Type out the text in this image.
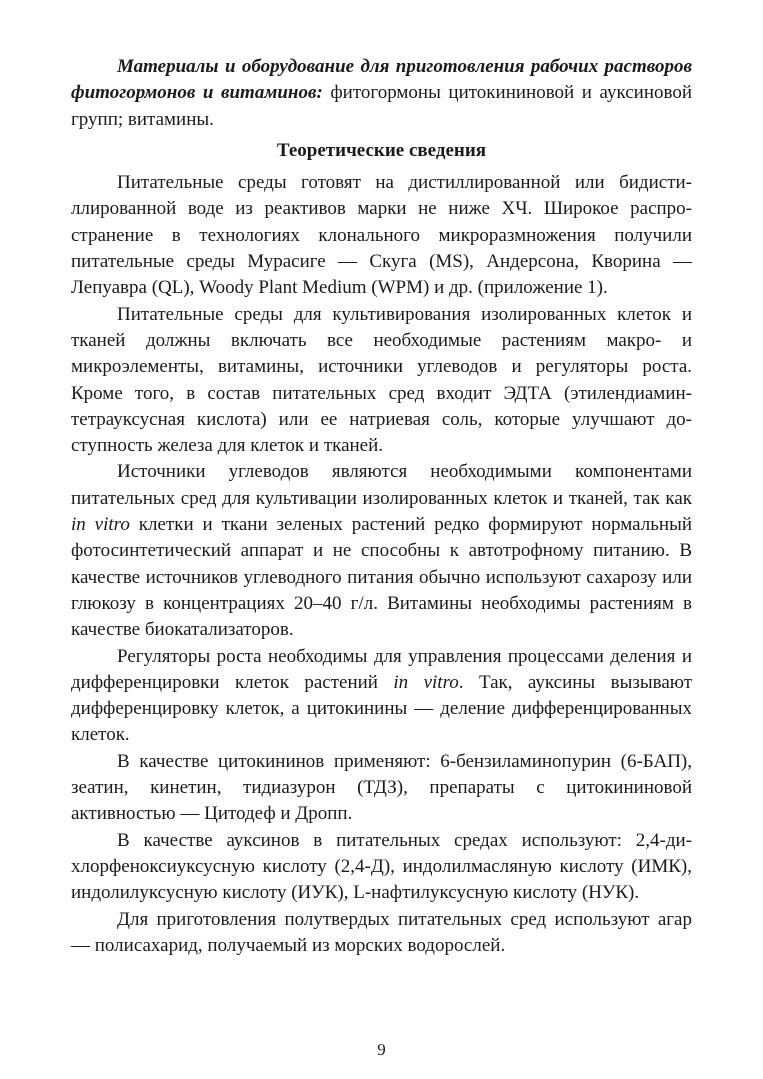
Материалы и оборудование для приготовления рабочих растворов фитогормонов и витаминов: фитогормоны цитокининовой и ауксиновой групп; витамины.

Теоретические сведения

Питательные среды готовят на дистиллированной или бидистиллированной воде из реактивов марки не ниже ХЧ. Широкое распространение в технологиях клонального микроразмножения получили питательные среды Мурасиге — Скуга (MS), Андерсона, Кворина — Лепуавра (QL), Woody Plant Medium (WPM) и др. (приложение 1).

Питательные среды для культивирования изолированных клеток и тканей должны включать все необходимые растениям макро- и микроэлементы, витамины, источники углеводов и регуляторы роста. Кроме того, в состав питательных сред входит ЭДТА (этилендиаминтетрауксусная кислота) или ее натриевая соль, которые улучшают доступность железа для клеток и тканей.

Источники углеводов являются необходимыми компонентами питательных сред для культивации изолированных клеток и тканей, так как in vitro клетки и ткани зеленых растений редко формируют нормальный фотосинтетический аппарат и не способны к автотрофному питанию. В качестве источников углеводного питания обычно используют сахарозу или глюкозу в концентрациях 20–40 г/л. Витамины необходимы растениям в качестве биокатализаторов.

Регуляторы роста необходимы для управления процессами деления и дифференцировки клеток растений in vitro. Так, ауксины вызывают дифференцировку клеток, а цитокинины — деление дифференцированных клеток.

В качестве цитокининов применяют: 6-бензиламинопурин (6-БАП), зеатин, кинетин, тидиазурон (ТДЗ), препараты с цитокининовой активностью — Цитодеф и Дропп.

В качестве ауксинов в питательных средах используют: 2,4-дихлорфеноксиуксусную кислоту (2,4-Д), индолилмасляную кислоту (ИМК), индолилуксусную кислоту (ИУК), L-нафтилуксусную кислоту (НУК).

Для приготовления полутвердых питательных сред используют агар — полисахарид, получаемый из морских водорослей.

9
